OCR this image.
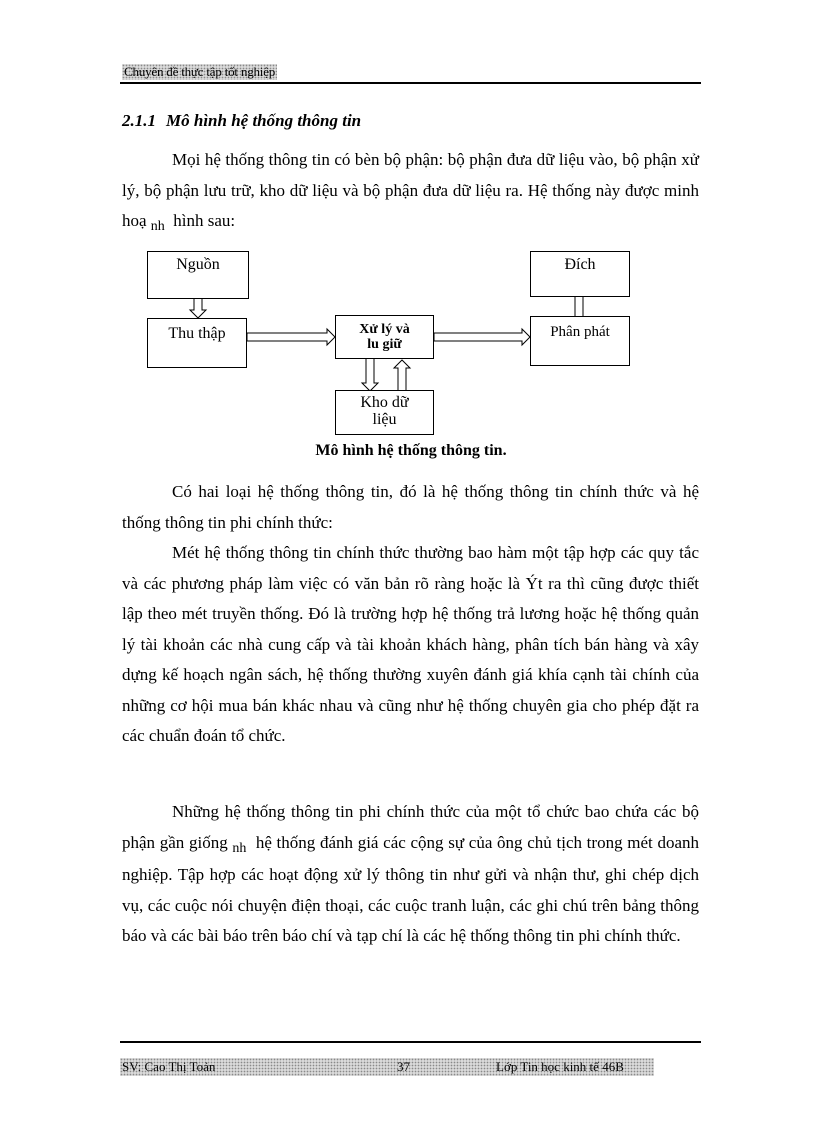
Chuyên đề thực tập tốt nghiệp
2.1.1 Mô hình hệ thống thông tin

Mọi hệ thống thông tin có bèn bộ phận: bộ phận đưa dữ liệu vào, bộ phận xử lý, bộ phận lưu trữ, kho dữ liệu và bộ phận đưa dữ liệu ra. Hệ thống này được minh hoạ $_{nh}$ hình sau:

Nguồn
Thu thập	Xử lý và
lu giữ
Kho dữ
liệu
Phân phát
Đích
Mô hình hệ thống thông tin.

Có hai loại hệ thống thông tin, đó là hệ thống thông tin chính thức và hệ thống thông tin phi chính thức:

Mét hệ thống thông tin chính thức thường bao hàm một tập hợp các quy tắc và các phương pháp làm việc có văn bản rõ ràng hoặc là Ýt ra thì cũng được thiết lập theo mét truyền thống. Đó là trường hợp hệ thống trả lương hoặc hệ thống quản lý tài khoản các nhà cung cấp và tài khoản khách hàng, phân tích bán hàng và xây dựng kế hoạch ngân sách, hệ thống thường xuyên đánh giá khía cạnh tài chính của những cơ hội mua bán khác nhau và cũng như hệ thống chuyên gia cho phép đặt ra các chuẩn đoán tổ chức.

Những hệ thống thông tin phi chính thức của một tổ chức bao chứa các bộ phận gần giống $_{nh}$ hệ thống đánh giá các cộng sự của ông chủ tịch trong mét doanh nghiệp. Tập hợp các hoạt động xử lý thông tin như gửi và nhận thư, ghi chép dịch vụ, các cuộc nói chuyện điện thoại, các cuộc tranh luận, các ghi chú trên bảng thông báo và các bài báo trên báo chí và tạp chí là các hệ thống thông tin phi chính thức.

SV: Cao Thị Toản	37	Lớp Tin học kinh tế 46B
